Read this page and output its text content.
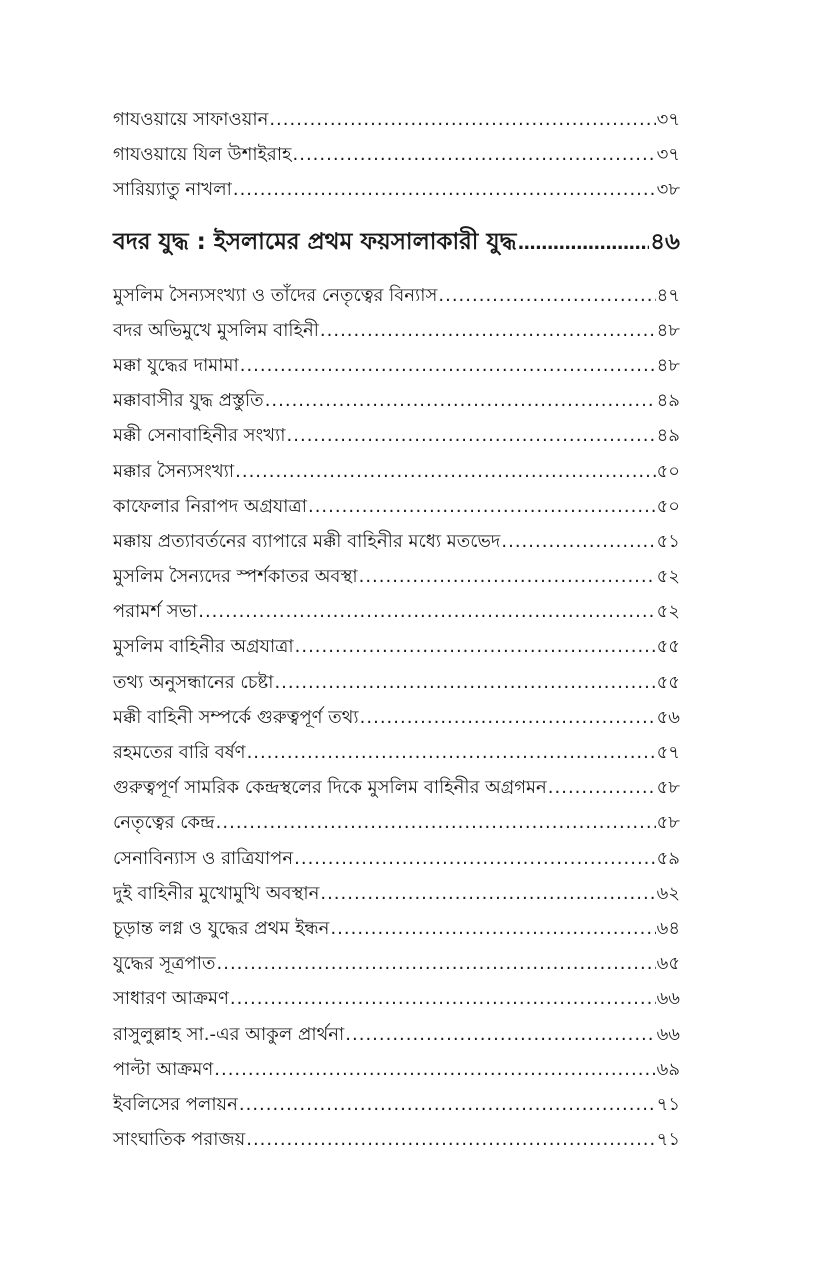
গাযওয়ায়ে সাফাওয়ান .....	৩৭
গাযওয়ায়ে যিল উশাইরাহ .....	৩৭
সারিয়্যাতু নাখলা .....	৩৮
বদর যুদ্ধ : ইসলামের প্রথম ফয়সালাকারী যুদ্ধ .....	৪৬
মুসলিম সৈন্যসংখ্যা ও তাঁদের নেতৃত্বের বিন্যাস .....	৪৭
বদর অভিমুখে মুসলিম বাহিনী .....	৪৮
মক্কা যুদ্ধের দামামা .....	৪৮
মক্কাবাসীর যুদ্ধ প্রস্তুতি .....	৪৯
মক্কী সেনাবাহিনীর সংখ্যা .....	৪৯
মক্কার সৈন্যসংখ্যা .....	৫০
কাফেলার নিরাপদ অগ্রযাত্রা .....	৫০
মক্কায় প্রত্যাবর্তনের ব্যাপারে মক্কী বাহিনীর মধ্যে মতভেদ .....	৫১
মুসলিম সৈন্যদের স্পর্শকাতর অবস্থা .....	৫২
পরামর্শ সভা .....	৫২
মুসলিম বাহিনীর অগ্রযাত্রা .....	৫৫
তথ্য অনুসন্ধানের চেষ্টা .....	৫৫
মক্কী বাহিনী সম্পর্কে গুরুত্বপূর্ণ তথ্য .....	৫৬
রহমতের বারি বর্ষণ .....	৫৭
গুরুত্বপূর্ণ সামরিক কেন্দ্রস্থলের দিকে মুসলিম বাহিনীর অগ্রগমন .....	৫৮
নেতৃত্বের কেন্দ্র .....	৫৮
সেনাবিন্যাস ও রাত্রিযাপন .....	৫৯
দুই বাহিনীর মুখোমুখি অবস্থান .....	৬২
চূড়ান্ত লগ্ন ও যুদ্ধের প্রথম ইন্ধন .....	৬৪
যুদ্ধের সূত্রপাত .....	৬৫
সাধারণ আক্রমণ .....	৬৬
রাসুলুল্লাহ সা.-এর আকুল প্রার্থনা .....	৬৬
পাল্টা আক্রমণ .....	৬৯
ইবলিসের পলায়ন .....	৭১
সাংঘাতিক পরাজয় .....	৭১
